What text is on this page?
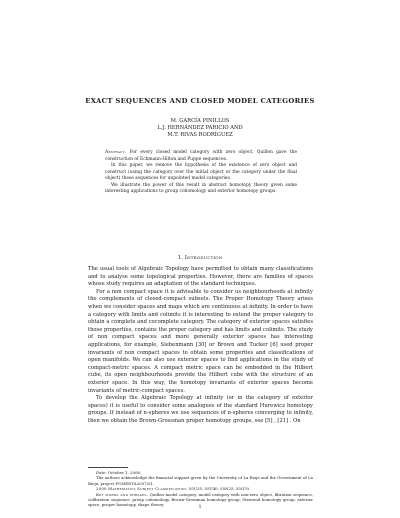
EXACT SEQUENCES AND CLOSED MODEL CATEGORIES
M. GARCÍA PINILLOS
L.J. HERNÁNDEZ PARICIO AND
M.T. RIVAS RODRÍGUEZ

Abstract. For every closed model category with zero object, Quillen gave the construction of Eckmann-Hilton and Puppe sequences.

In this paper, we remove the hypothesis of the existence of zero object and construct (using the category over the initial object or the category under the final object) these sequences for unpointed model categories.

We illustrate the power of this result in abstract homotopy theory given some interesting applications to group cohomology and exterior homotopy groups.

1. Introduction

The usual tools of Algebraic Topology have permitted to obtain many classifications and to analyse some topological properties. However, there are families of spaces whose study requires an adaptation of the standard techniques.

For a non compact space it is advisable to consider us neighbourhoods at infinity the complements of closed-compact subsets. The Proper Homotopy Theory arises when we consider spaces and maps which are continuous at infinity. In order to have a category with limits and colimits it is interesting to extend the proper category to obtain a complete and cocomplete category. The category of exterior spaces satisfies those properties, contains the proper category and has limits and colimits. The study of non compact spaces and more generally exterior spaces has interesting applications, for example, Siebenmann [30] or Brown and Tucker [6] used proper invariants of non compact spaces to obtain some properties and classifications of open manifolds. We can also use exterior spaces to find applications in the study of compact-metric spaces. A compact metric space can be embedded in the Hilbert cube, its open neighbourhoods provide the Hilbert cube with the structure of an exterior space. In this way, the homotopy invariants of exterior spaces become invariants of metric-compact spaces.

To develop the Algebraic Topology at infinity (or in the category of exterior spaces) it is useful to consider some analogues of the standard Hurewicz homotopy groups. If instead of n-spheres we use sequences of n-spheres converging to infinity, then we obtain the Brown-Grossman proper homotopy groups, see [5] , [21] . On

Date: October 1, 2008.

The authors acknowledge the financial support given by the University of La Rioja and the Government of La Rioja, project PCMENTA2007/01.

2000 Mathematics Subject Classification. 55U35, 55U40, 55N25, 55Q70.

Key words and phrases. Quillen model category, model category with non-zero object, fibration sequence, cofibration sequence, group cohomology, Brown-Grossman homotopy group, Steenrod homotopy group, exterior space, proper homotopy, shape theory.

1
